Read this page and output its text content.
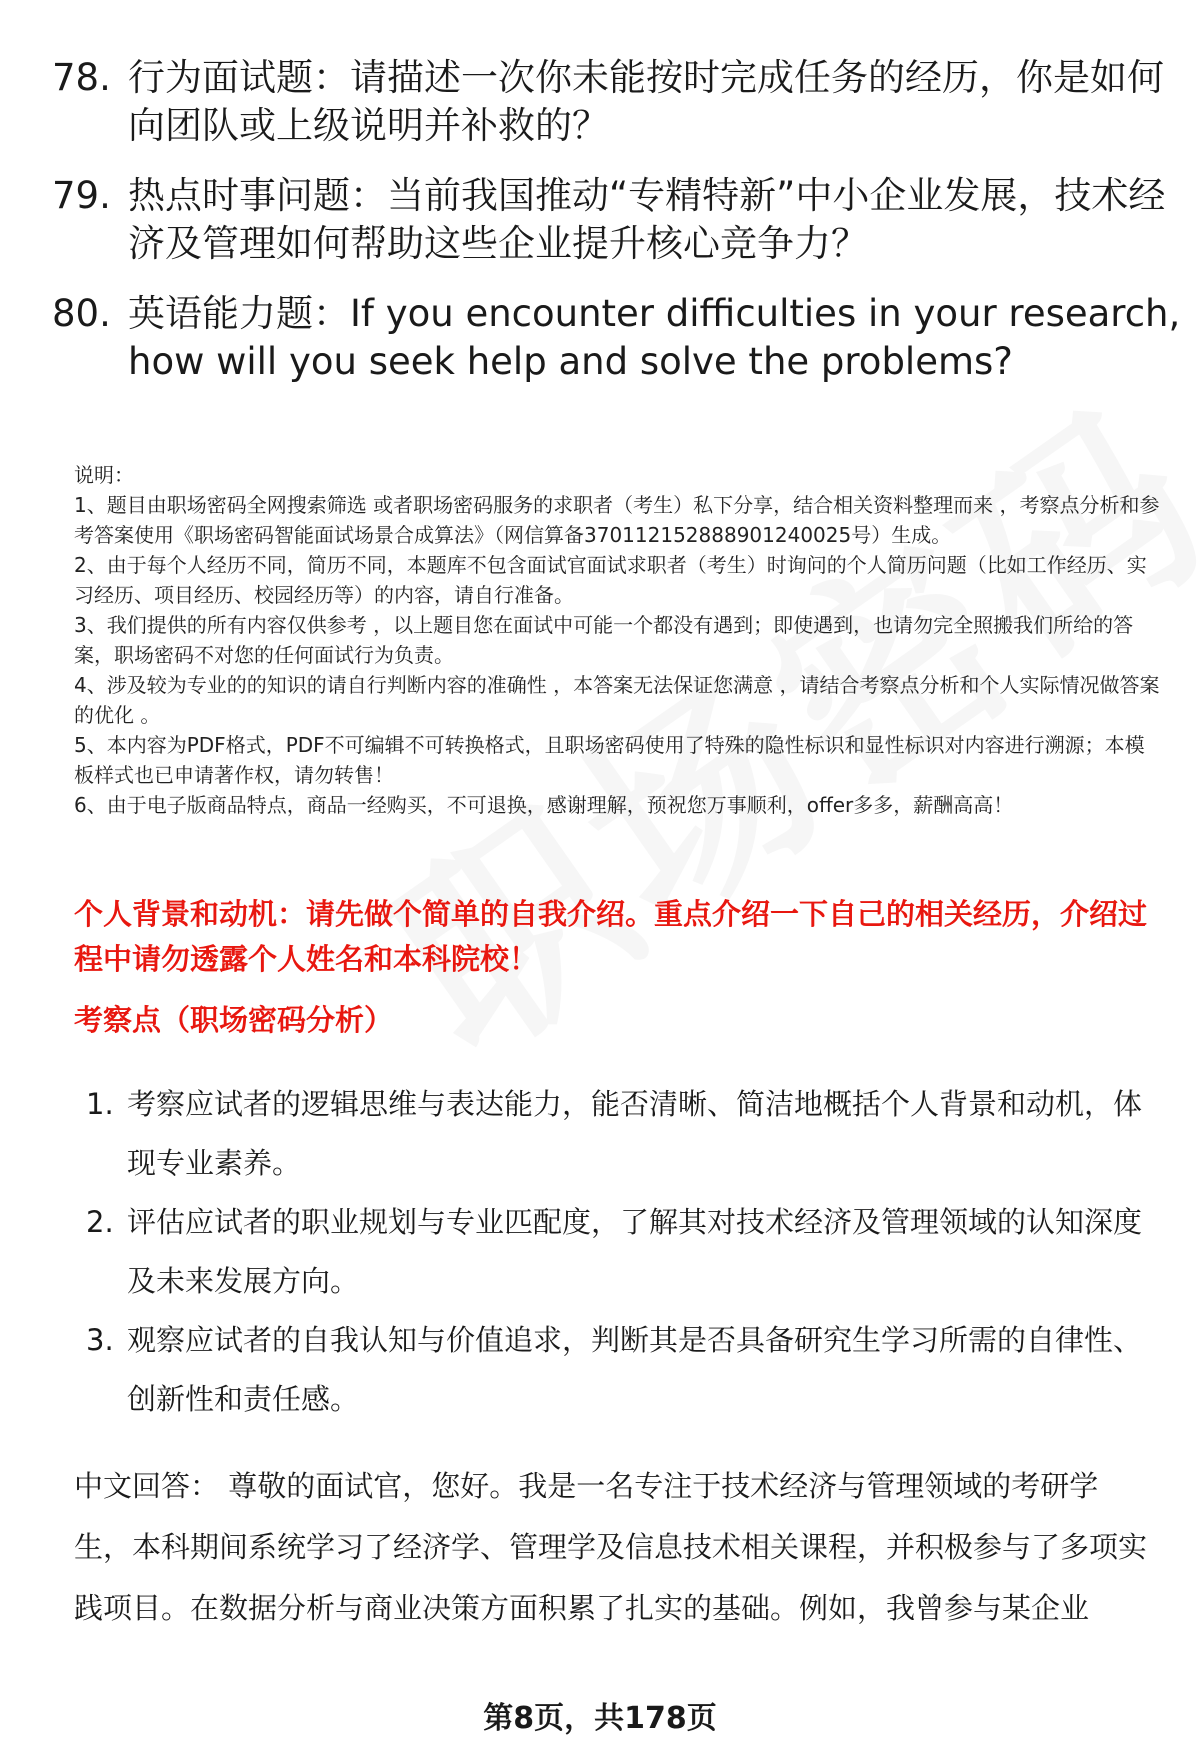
78. 行为面试题：请描述一次你未能按时完成任务的经历，你是如何向团队或上级说明并补救的？
79. 热点时事问题：当前我国推动“专精特新”中小企业发展，技术经济及管理如何帮助这些企业提升核心竞争力？
80. 英语能力题：If you encounter difficulties in your research, how will you seek help and solve the problems?

说明：

1、题目由职场密码全网搜索筛选 或者职场密码服务的求职者（考生）私下分享，结合相关资料整理而来 ，考察点分析和参考答案使用《职场密码智能面试场景合成算法》（网信算备370112152888901240025号）生成。

2、由于每个人经历不同，简历不同，本题库不包含面试官面试求职者（考生）时询问的个人简历问题（比如工作经历、实习经历、项目经历、校园经历等）的内容，请自行准备。

3、我们提供的所有内容仅供参考 ，以上题目您在面试中可能一个都没有遇到；即使遇到，也请勿完全照搬我们所给的答案，职场密码不对您的任何面试行为负责。

4、涉及较为专业的的知识的请自行判断内容的准确性 ，本答案无法保证您满意 ，请结合考察点分析和个人实际情况做答案的优化 。

5、本内容为PDF格式，PDF不可编辑不可转换格式，且职场密码使用了特殊的隐性标识和显性标识对内容进行溯源；本模板样式也已申请著作权，请勿转售！

6、由于电子版商品特点，商品一经购买，不可退换，感谢理解，预祝您万事顺利，offer多多，薪酬高高！

个人背景和动机：请先做个简单的自我介绍。重点介绍一下自己的相关经历，介绍过程中请勿透露个人姓名和本科院校！
考察点（职场密码分析）
1. 考察应试者的逻辑思维与表达能力，能否清晰、简洁地概括个人背景和动机，体现专业素养。
2. 评估应试者的职业规划与专业匹配度，了解其对技术经济及管理领域的认知深度及未来发展方向。
3. 观察应试者的自我认知与价值追求，判断其是否具备研究生学习所需的自律性、创新性和责任感。
中文回答： 尊敬的面试官，您好。我是一名专注于技术经济与管理领域的考研学生，本科期间系统学习了经济学、管理学及信息技术相关课程，并积极参与了多项实践项目。在数据分析与商业决策方面积累了扎实的基础。例如，我曾参与某企业
第8页，共178页
